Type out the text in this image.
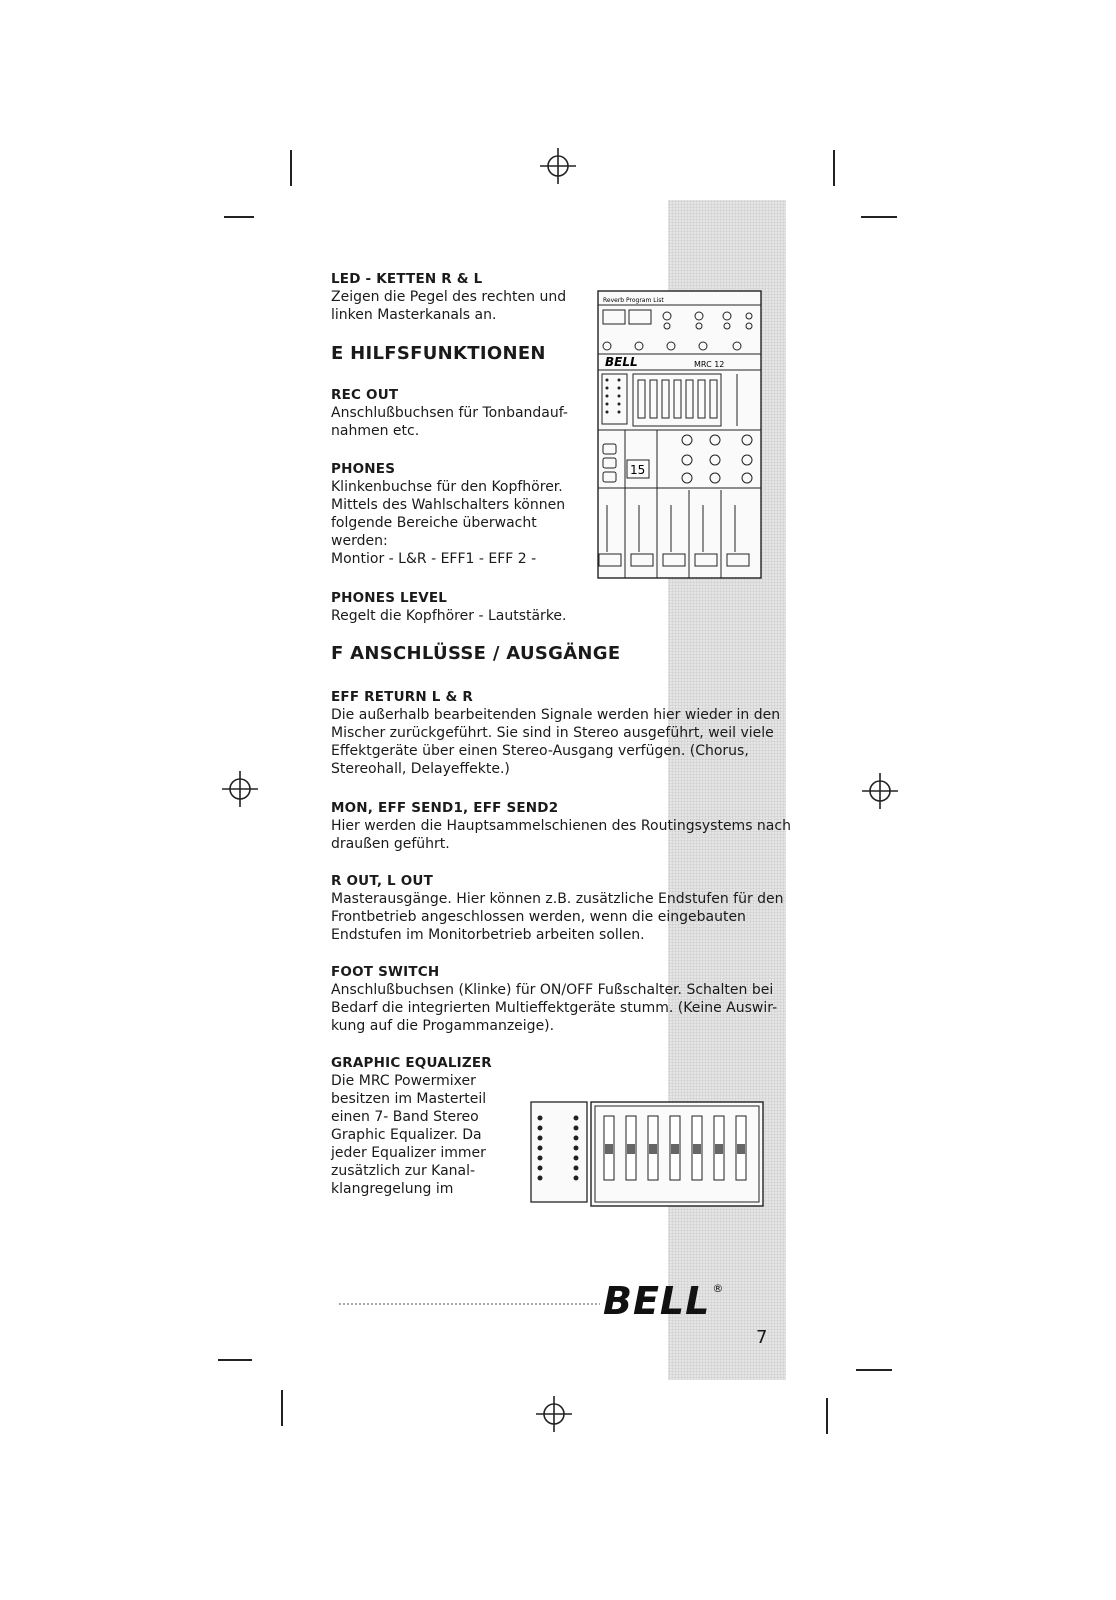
LED - KETTEN R & L
Zeigen die Pegel des rechten und
linken Masterkanals an.
E HILFSFUNKTIONEN
REC OUT
Anschlußbuchsen für Tonbandauf-
nahmen etc.
PHONES
Klinkenbuchse für den Kopfhörer.
Mittels des Wahlschalters können
folgende Bereiche überwacht
werden:
Montior - L&R - EFF1 - EFF 2 -
PHONES LEVEL
Regelt die Kopfhörer - Lautstärke.
F ANSCHLÜSSE / AUSGÄNGE
EFF RETURN L & R
Die außerhalb bearbeitenden Signale werden hier wieder in den
Mischer zurückgeführt. Sie sind in Stereo ausgeführt, weil viele
Effektgeräte über einen Stereo-Ausgang verfügen. (Chorus,
Stereohall, Delayeffekte.)
MON, EFF SEND1, EFF SEND2
Hier werden die Hauptsammelschienen des Routingsystems nach
draußen geführt.
R OUT, L OUT
Masterausgänge. Hier können z.B. zusätzliche Endstufen für den
Frontbetrieb angeschlossen werden, wenn die eingebauten
Endstufen im Monitorbetrieb arbeiten sollen.
FOOT SWITCH
Anschlußbuchsen (Klinke) für ON/OFF Fußschalter. Schalten bei
Bedarf die integrierten Multieffektgeräte stumm. (Keine Auswir-
kung auf die Progammanzeige).
GRAPHIC EQUALIZER
Die MRC Powermixer
besitzen im Masterteil
einen 7- Band Stereo
Graphic Equalizer. Da
jeder Equalizer immer
zusätzlich zur Kanal-
klangregelung im
Reverb Program List
BELL	MRC 12
15
BELL ®
7
